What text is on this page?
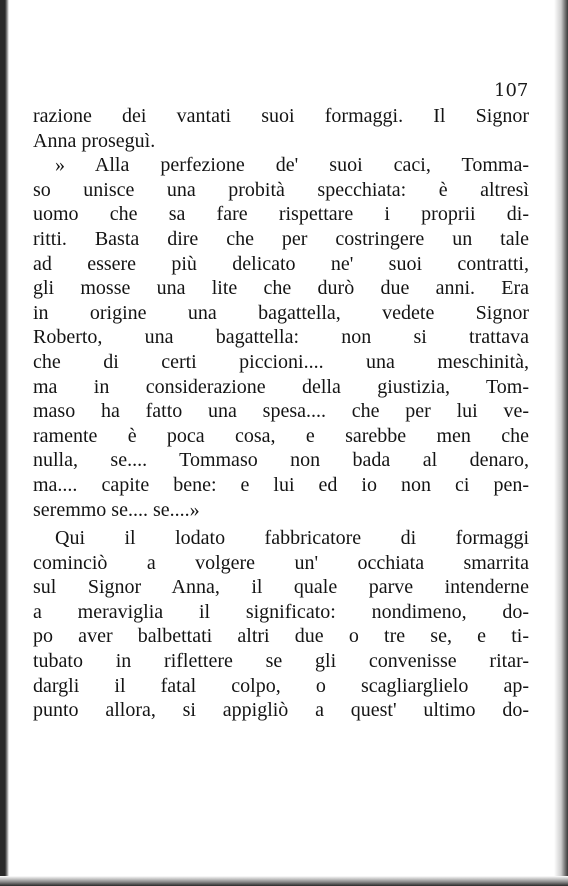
107
razione dei vantati suoi formaggi. Il Signor
Anna proseguì.
» Alla perfezione de' suoi caci, Tomma-
so unisce una probità specchiata: è altresì
uomo che sa fare rispettare i proprii di-
ritti. Basta dire che per costringere un tale
ad essere più delicato ne' suoi contratti,
gli mosse una lite che durò due anni. Era
in origine una bagattella, vedete Signor
Roberto, una bagattella: non si trattava
che di certi piccioni.... una meschinità,
ma in considerazione della giustizia, Tom-
maso ha fatto una spesa.... che per lui ve-
ramente è poca cosa, e sarebbe men che
nulla, se.... Tommaso non bada al denaro,
ma.... capite bene: e lui ed io non ci pen-
seremmo se.... se....»
Qui il lodato fabbricatore di formaggi
cominciò a volgere un' occhiata smarrita
sul Signor Anna, il quale parve intenderne
a meraviglia il significato: nondimeno, do-
po aver balbettati altri due o tre se, e ti-
tubato in riflettere se gli convenisse ritar-
dargli il fatal colpo, o scagliarglielo ap-
punto allora, si appigliò a quest' ultimo do-
